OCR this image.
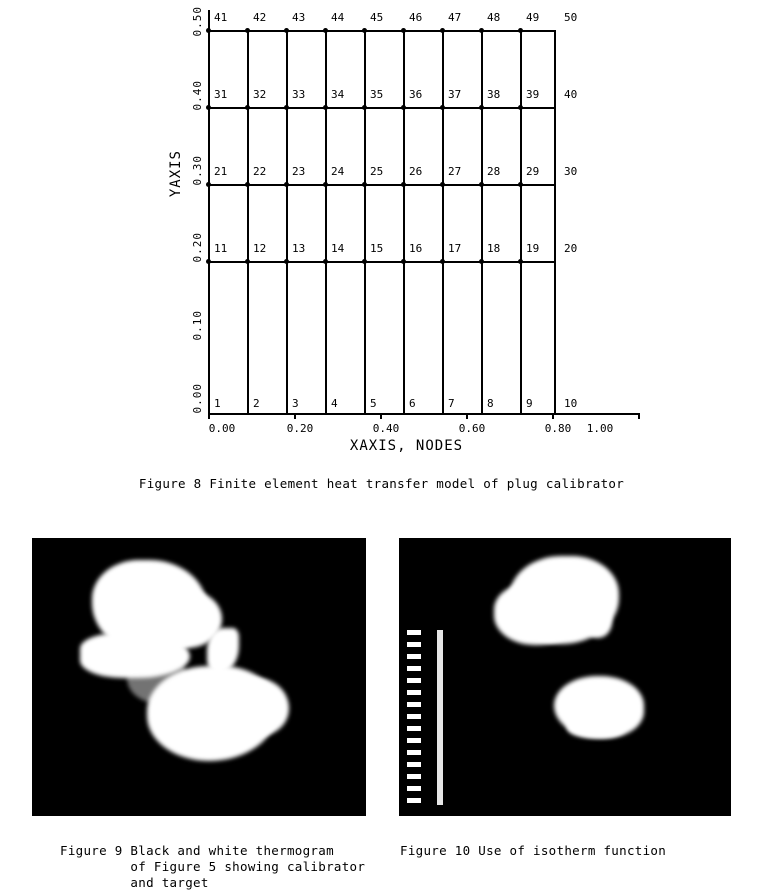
0.00	0.20	0.40	0.60	0.80 1.00
0.00
0.10
0.20
0.30
0.40
0.50
YAXIS
41 42 43 44 45 46 47 48 49 50
31 32 33 34 35 36 37 38 39 40
21 22 23 24 25 26 27 28 29 30
11 12 13 14 15 16 17 18 19 20
1	2	3	4	5	6	7	8	9	10
XAXIS, NODES
Figure 8 Finite element heat transfer model of plug calibrator
Figure 9 Black and white thermogram
of Figure 5 showing calibrator
and target
Figure 10 Use of isotherm function
